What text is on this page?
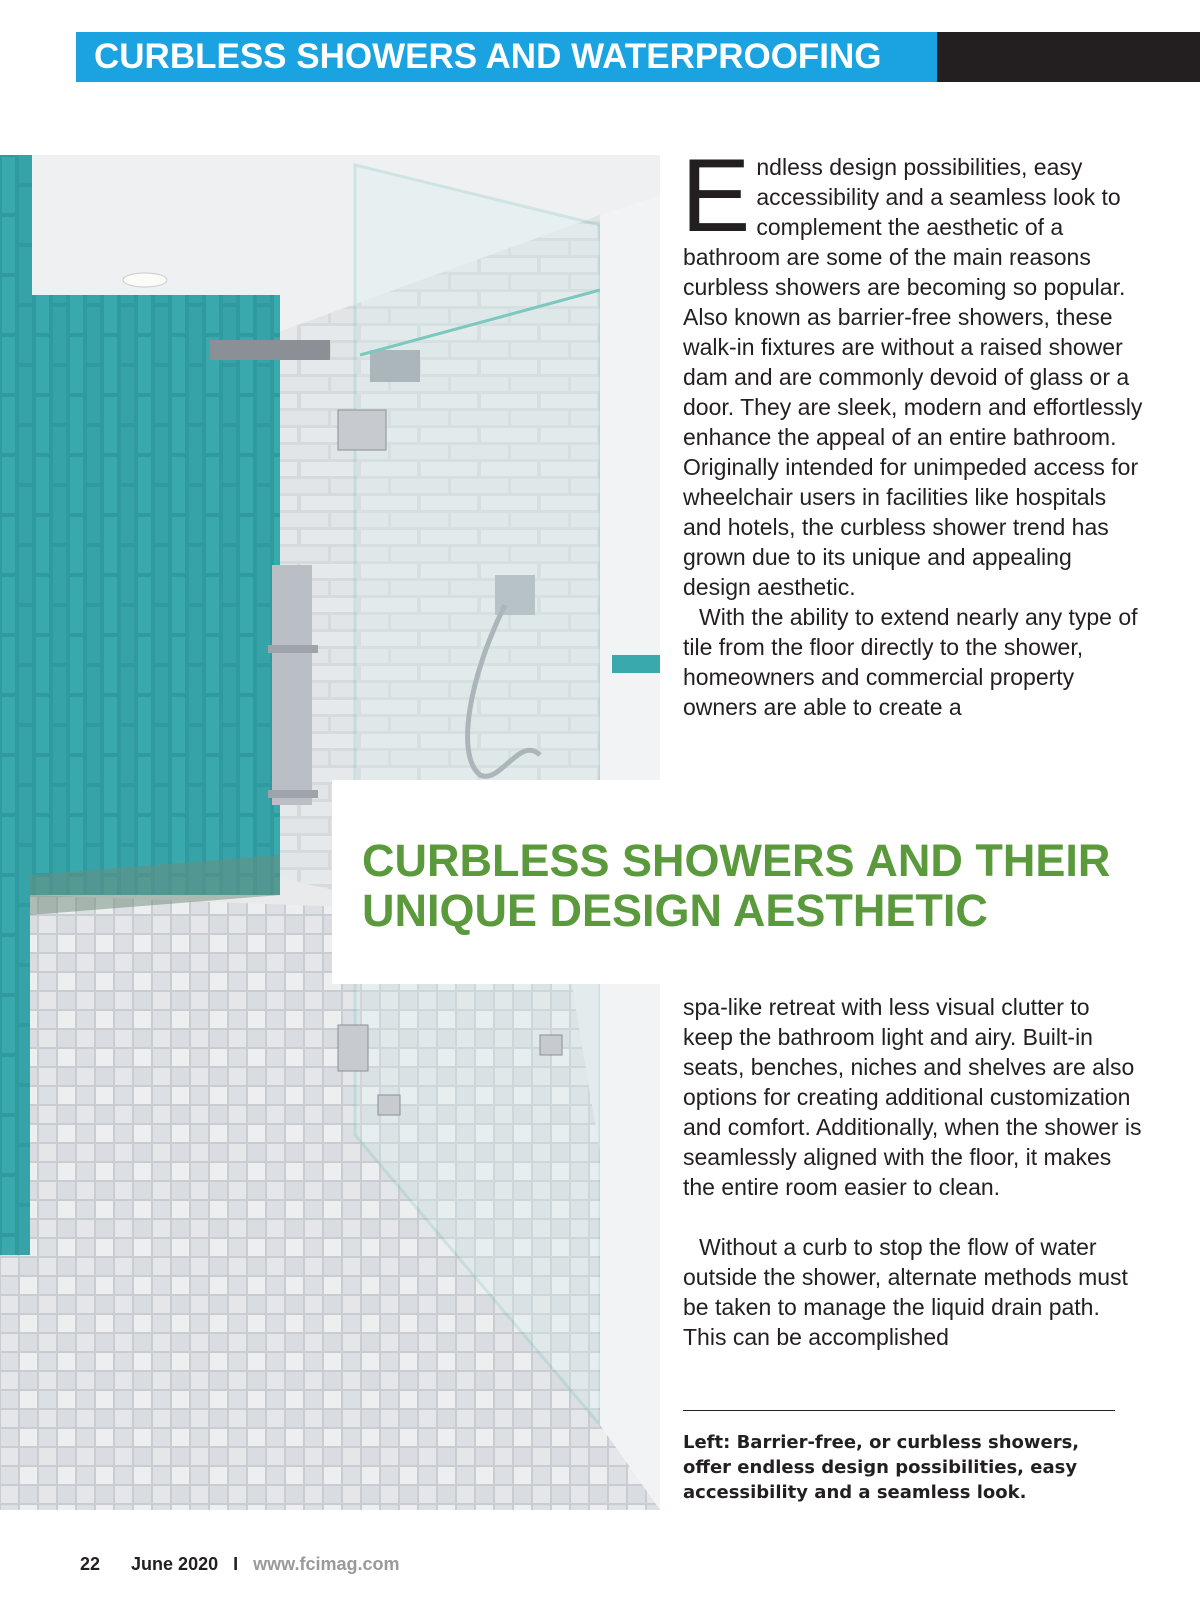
CURBLESS SHOWERS AND WATERPROOFING
CURBLESS SHOWERS AND THEIR UNIQUE DESIGN AESTHETIC

Endless design possibilities, easy accessibility and a seamless look to complement the aesthetic of a bathroom are some of the main reasons curbless showers are becoming so popular. Also known as barrier-free showers, these walk-in fixtures are without a raised shower dam and are commonly devoid of glass or a door. They are sleek, modern and effortlessly enhance the appeal of an entire bathroom. Originally intended for unimpeded access for wheelchair users in facilities like hospitals and hotels, the curbless shower trend has grown due to its unique and appealing design aesthetic.

With the ability to extend nearly any type of tile from the floor directly to the shower, homeowners and commercial property owners are able to create a

spa-like retreat with less visual clutter to keep the bathroom light and airy. Built-in seats, benches, niches and shelves are also options for creating additional customization and comfort. Additionally, when the shower is seamlessly aligned with the floor, it makes the entire room easier to clean.

Without a curb to stop the flow of water outside the shower, alternate methods must be taken to manage the liquid drain path. This can be accomplished

Left: Barrier-free, or curbless showers, offer endless design possibilities, easy accessibility and a seamless look.
22 June 2020 I www.fcimag.com
